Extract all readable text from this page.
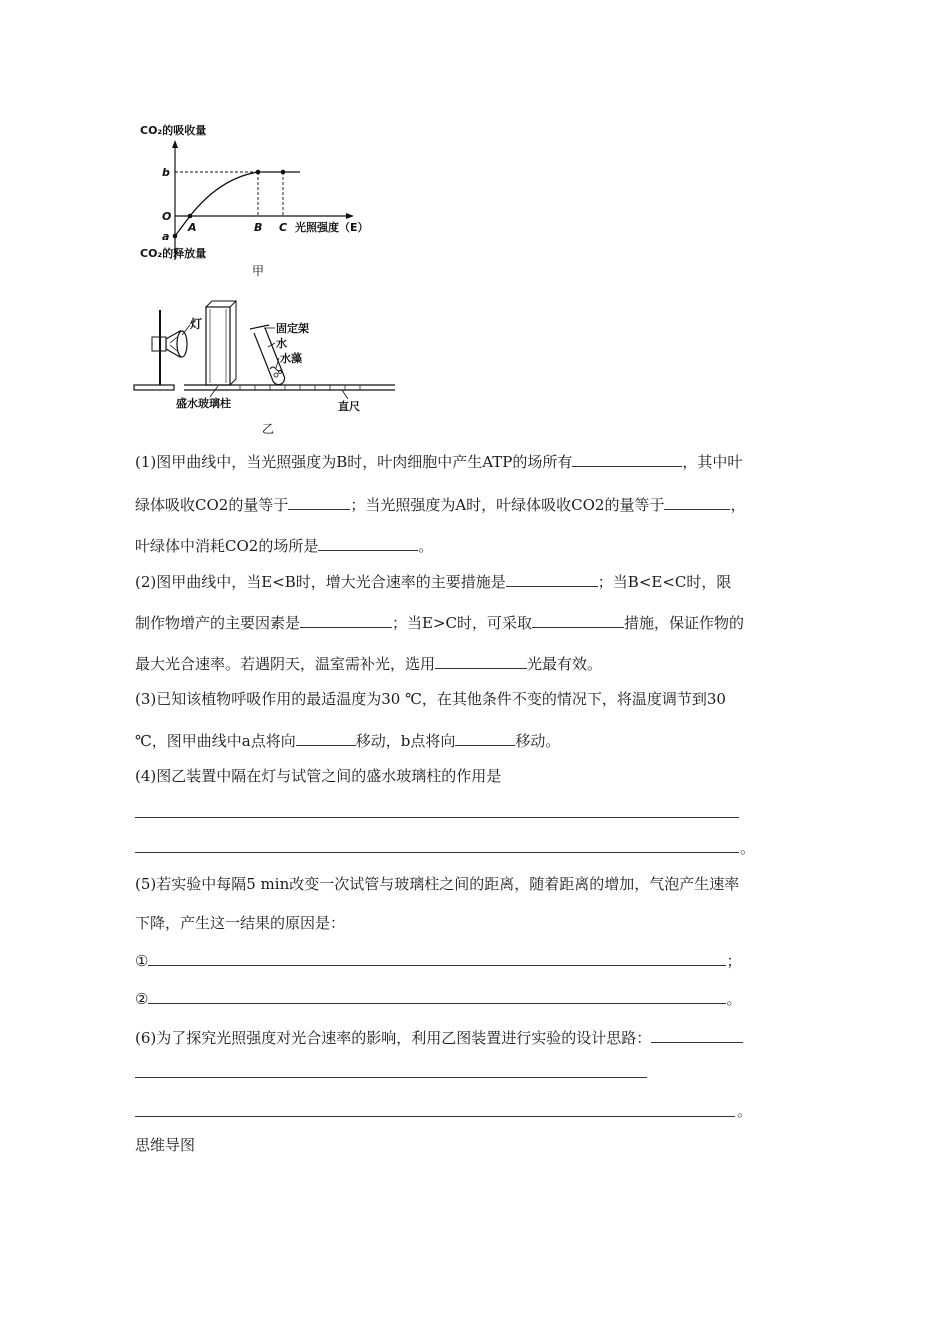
CO₂的吸收量
b
O
a
A	B C 光照强度（E）
CO₂的释放量
甲
灯	固定架
水
水藻
盛水玻璃柱	直尺
乙
(1)图甲曲线中，当光照强度为B时，叶肉细胞中产生ATP的场所有	，其中叶
绿体吸收CO2的量等于	；当光照强度为A时，叶绿体吸收CO2的量等于	，
叶绿体中消耗CO2的场所是	。
(2)图甲曲线中，当E<B时，增大光合速率的主要措施是	；当B<E<C时，限
制作物增产的主要因素是	；当E>C时，可采取	措施，保证作物的
最大光合速率。若遇阴天，温室需补光，选用	光最有效。
(3)已知该植物呼吸作用的最适温度为30 ℃，在其他条件不变的情况下，将温度调节到30
℃，图甲曲线中a点将向	移动，b点将向	移动。
(4)图乙装置中隔在灯与试管之间的盛水玻璃柱的作用是
。
(5)若实验中每隔5 min改变一次试管与玻璃柱之间的距离，随着距离的增加，气泡产生速率
下降，产生这一结果的原因是：
①	；
②	。
(6)为了探究光照强度对光合速率的影响，利用乙图装置进行实验的设计思路：
。
思维导图
